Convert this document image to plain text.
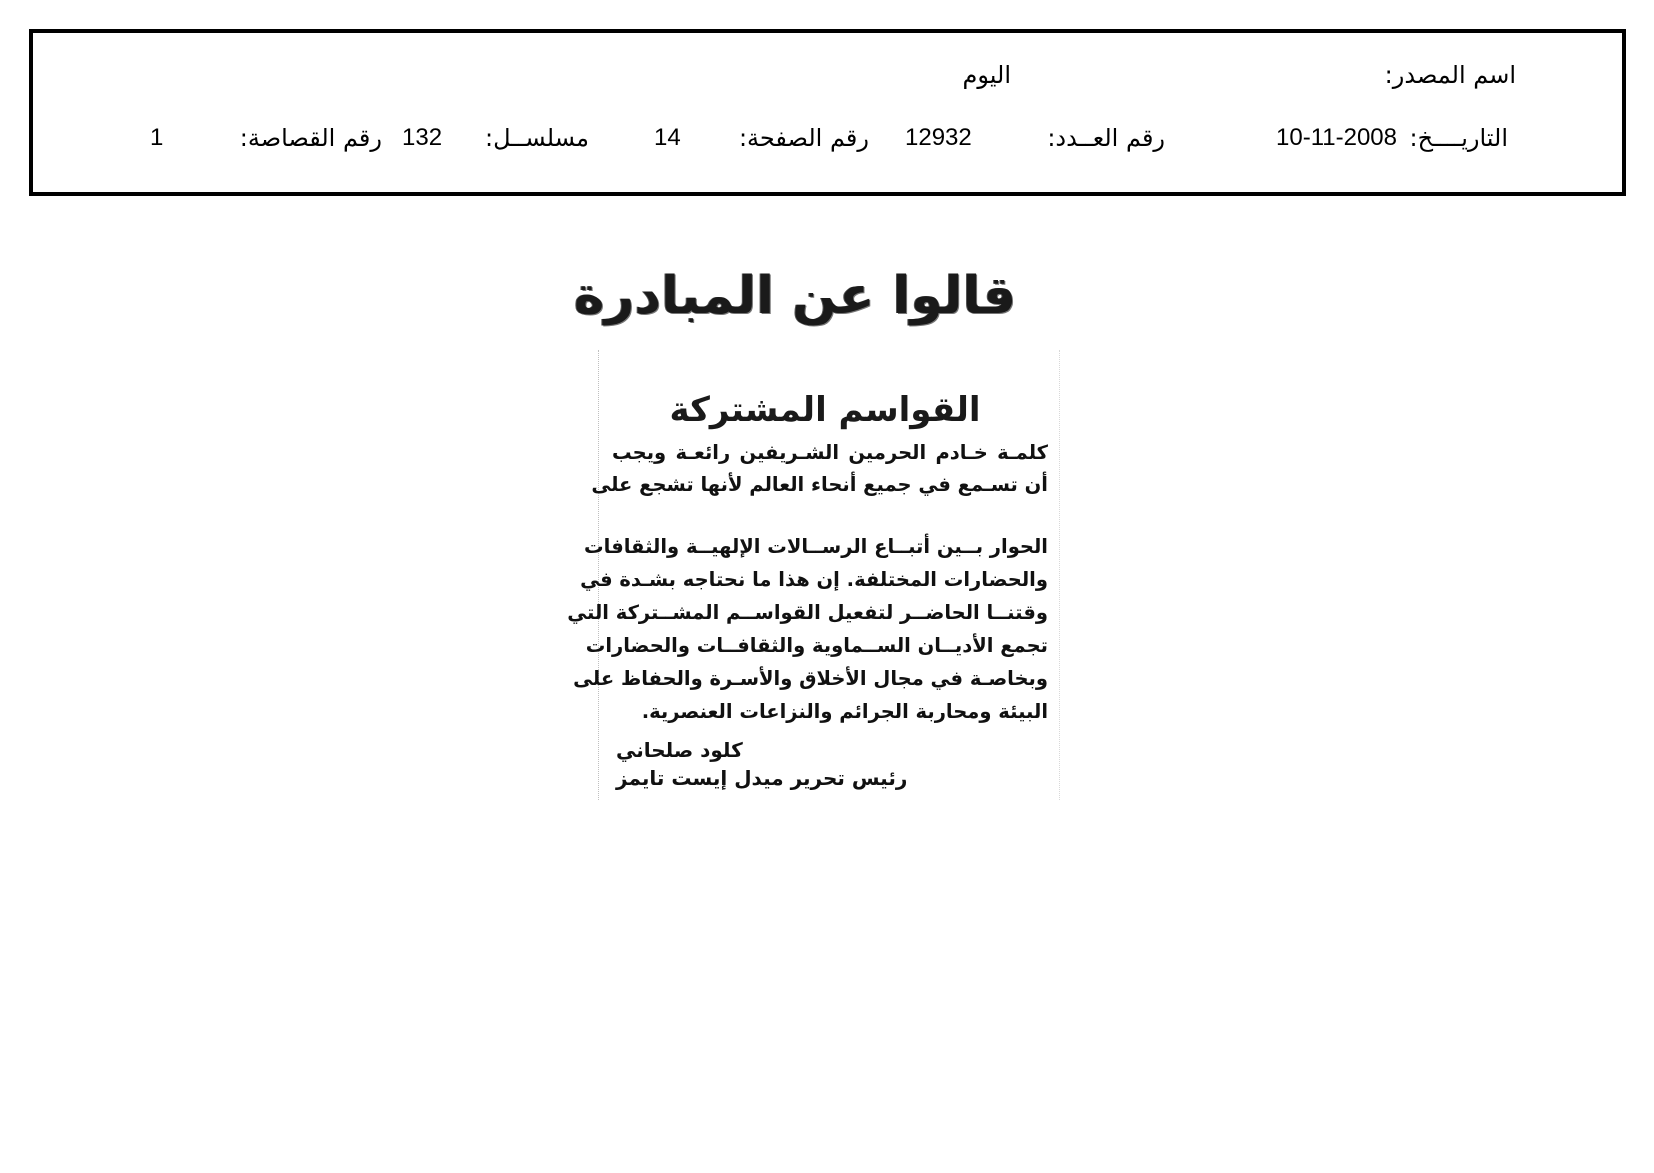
اسم المصدر:
اليوم
التاريــــخ:
10-11-2008
رقم العــدد:
12932
رقم الصفحة:
14
مسلســل:
132
رقم القصاصة:
1
قالوا عن المبادرة
القواسم المشتركة
كلمـة خـادم الحرمين الشـريفين رائعـة ويجب
أن تسـمع في جميع أنحاء العالم لأنها تشجع على
الحوار بــين أتبــاع الرســالات الإلهيــة والثقافات
والحضارات المختلفة. إن هذا ما نحتاجه بشـدة في
وقتنــا الحاضــر لتفعيل القواســم المشــتركة التي
تجمع الأديــان الســماوية والثقافــات والحضارات
وبخاصـة في مجال الأخلاق والأسـرة والحفاظ على
البيئة ومحاربة الجرائم والنزاعات العنصرية.
كلود صلحاني
رئيس تحرير ميدل إيست تايمز
